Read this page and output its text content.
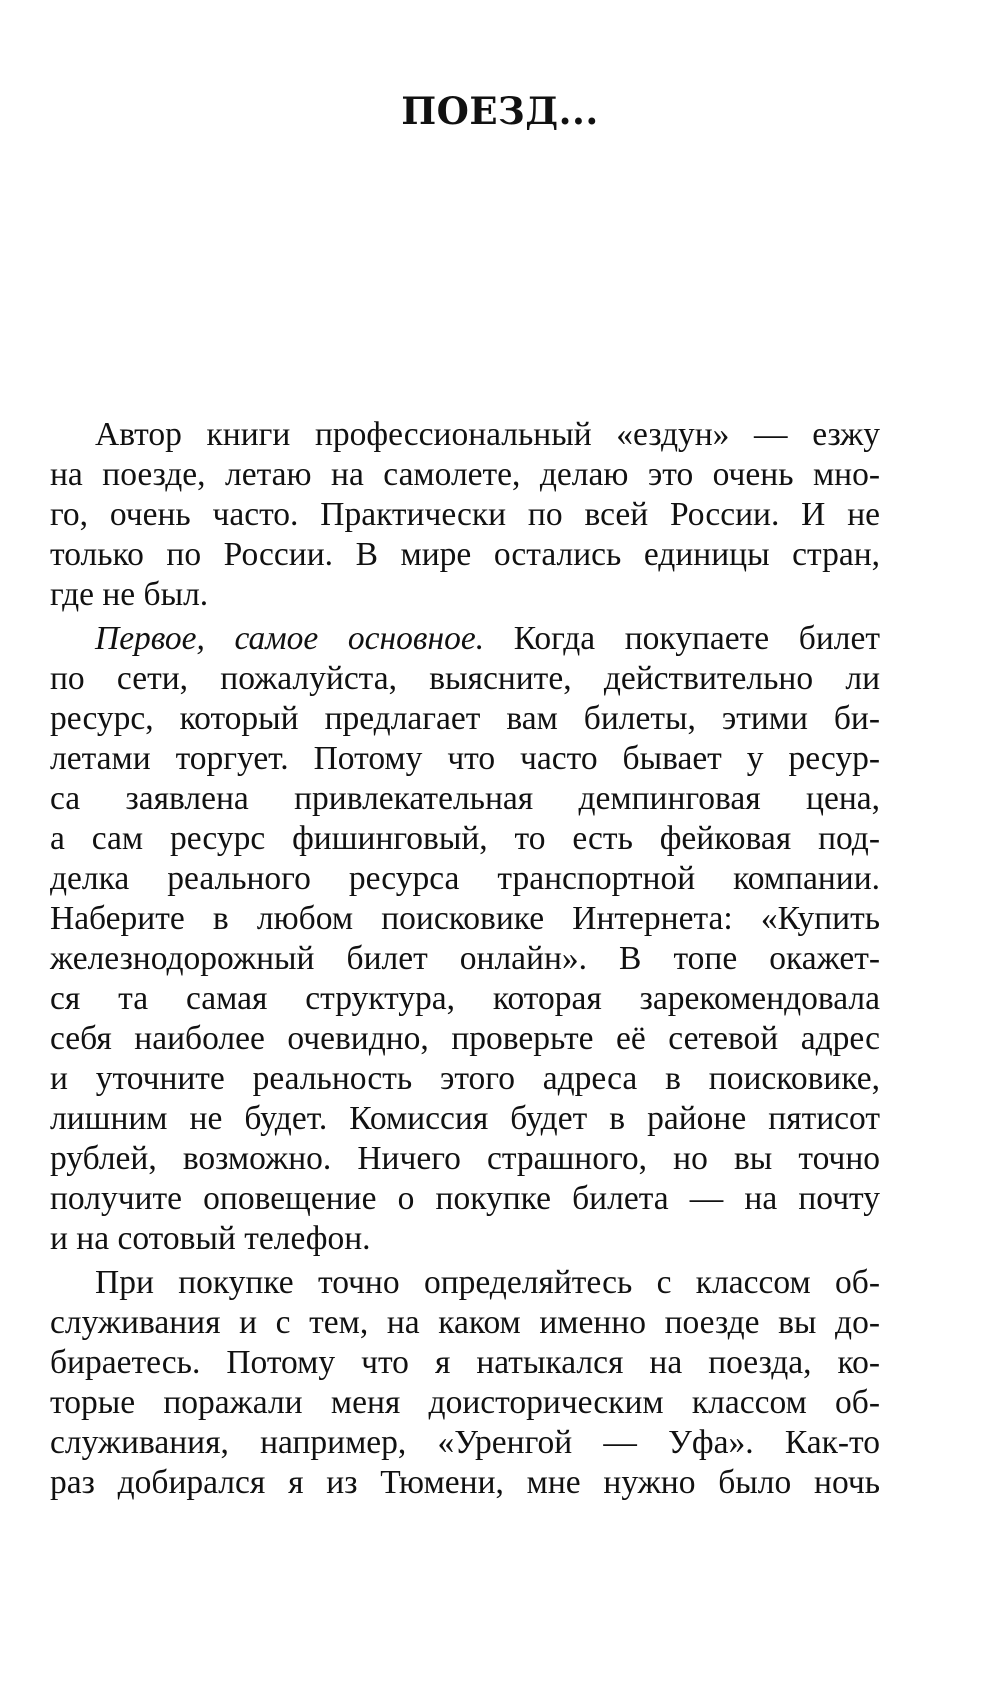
ПОЕЗД...
Автор книги профессиональный «ездун» — езжу
на поезде, летаю на самолете, делаю это очень мно-
го, очень часто. Практически по всей России. И не
только по России. В мире остались единицы стран,
где не был.
Первое, самое основное. Когда покупаете билет
по сети, пожалуйста, выясните, действительно ли
ресурс, который предлагает вам билеты, этими би-
летами торгует. Потому что часто бывает у ресур-
са заявлена привлекательная демпинговая цена,
а сам ресурс фишинговый, то есть фейковая под-
делка реального ресурса транспортной компании.
Наберите в любом поисковике Интернета: «Купить
железнодорожный билет онлайн». В топе окажет-
ся та самая структура, которая зарекомендовала
себя наиболее очевидно, проверьте её сетевой адрес
и уточните реальность этого адреса в поисковике,
лишним не будет. Комиссия будет в районе пятисот
рублей, возможно. Ничего страшного, но вы точно
получите оповещение о покупке билета — на почту
и на сотовый телефон.
При покупке точно определяйтесь с классом об-
служивания и с тем, на каком именно поезде вы до-
бираетесь. Потому что я натыкался на поезда, ко-
торые поражали меня доисторическим классом об-
служивания, например, «Уренгой — Уфа». Как-то
раз добирался я из Тюмени, мне нужно было ночь
